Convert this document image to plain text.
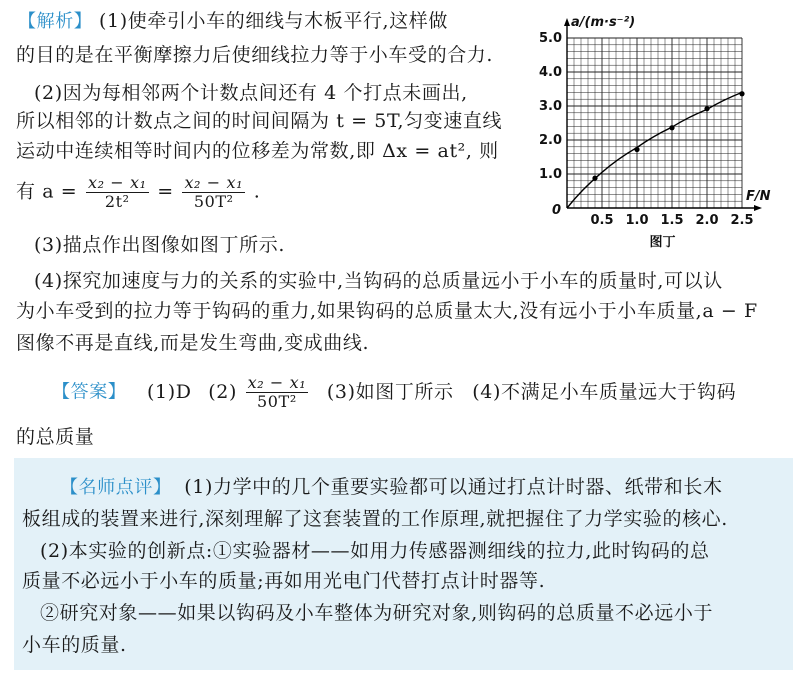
【解析】 (1)使牵引小车的细线与木板平行,这样做
的目的是在平衡摩擦力后使细线拉力等于小车受的合力.
(2)因为每相邻两个计数点间还有 4 个打点未画出,
所以相邻的计数点之间的时间间隔为 t = 5T,匀变速直线
运动中连续相等时间内的位移差为常数,即 Δx = at², 则
有 $a = \frac{\text{x₂ − x₁}}{\text{2t²}} = \frac{\text{x₂ − x₁}}{\text{50T²}}$ .
(3)描点作出图像如图丁所示.
(4)探究加速度与力的关系的实验中,当钩码的总质量远小于小车的质量时,可以认
为小车受到的拉力等于钩码的重力,如果钩码的总质量太大,没有远小于小车质量,a − F
图像不再是直线,而是发生弯曲,变成曲线.
【答案】 (1)D $(2) \frac{\text{x₂ − x₁}}{\text{50T²}} (3)$如图丁所示 (4)不满足小车质量远大于钩码
的总质量
【名师点评】 (1)力学中的几个重要实验都可以通过打点计时器、纸带和长木
板组成的装置来进行,深刻理解了这套装置的工作原理,就把握住了力学实验的核心.
(2)本实验的创新点:①实验器材——如用力传感器测细线的拉力,此时钩码的总
质量不必远小于小车的质量;再如用光电门代替打点计时器等.
②研究对象——如果以钩码及小车整体为研究对象,则钩码的总质量不必远小于
小车的质量.
0.5 1.0 1.5 2.0 2.5
1.0
2.0
3.0
4.0
5.0
0
F/N
a/(m·s⁻²)
图丁
